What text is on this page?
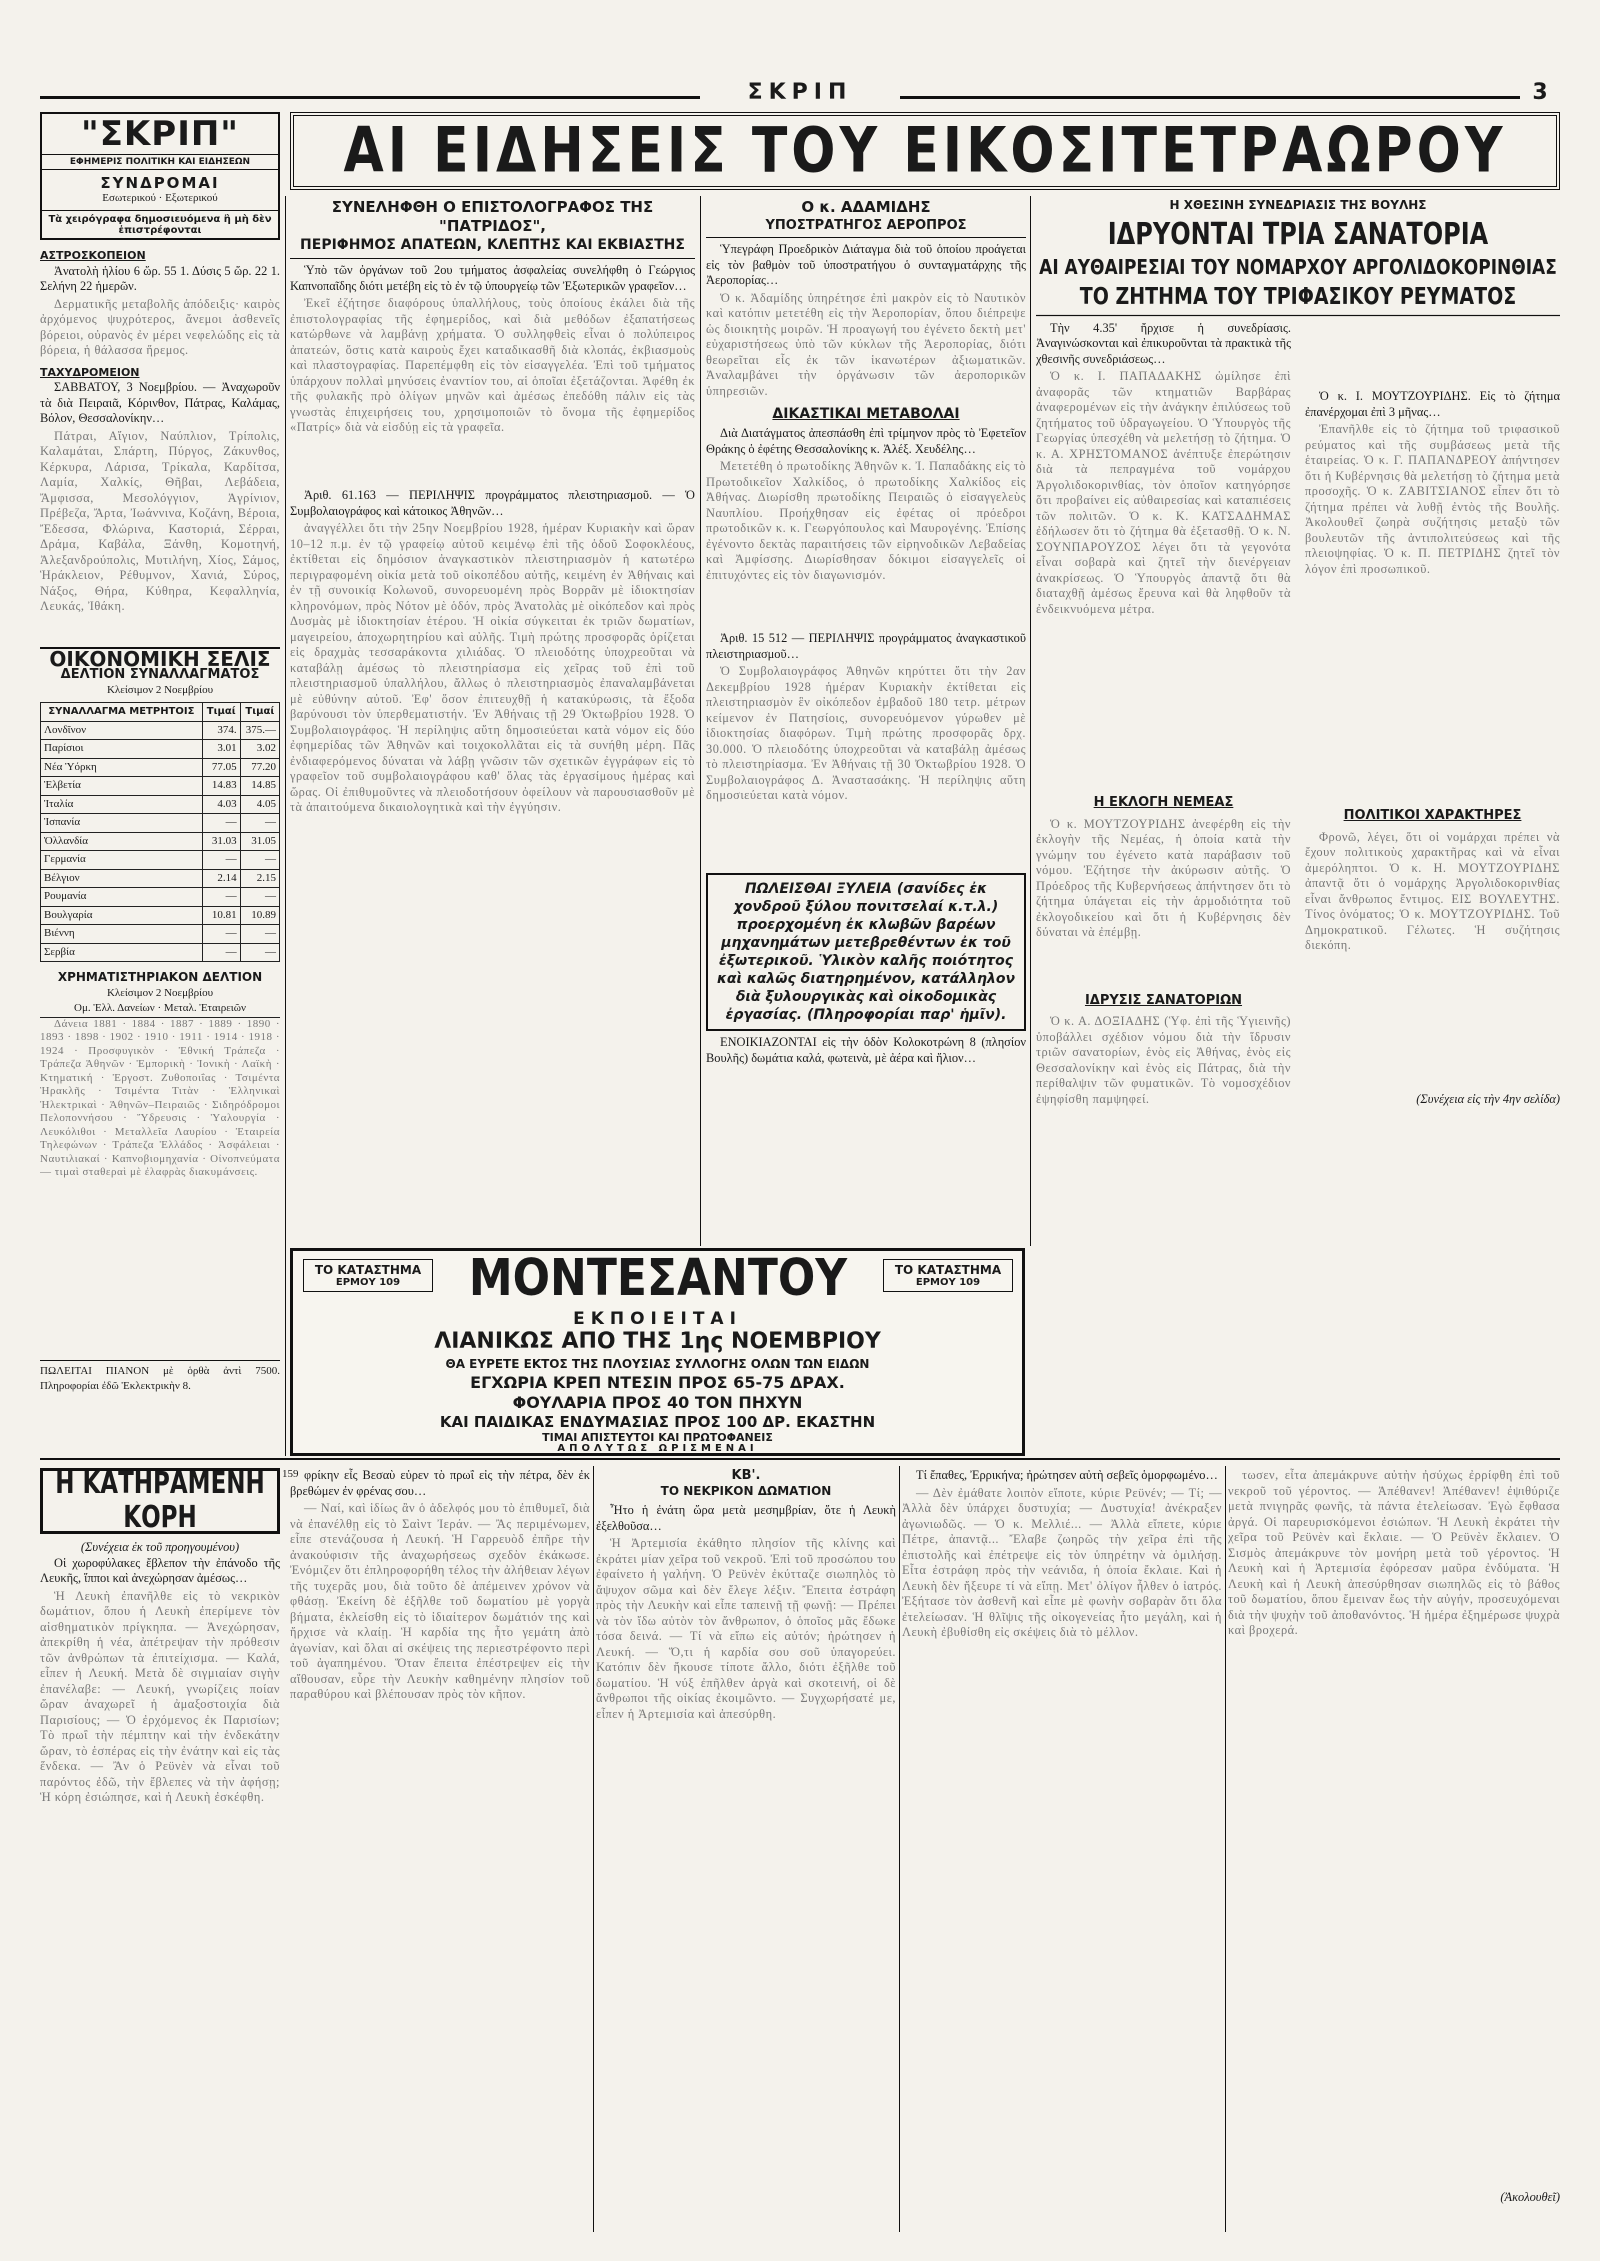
ΣΚΡΙΠ	3
"ΣΚΡΙΠ"
ΕΦΗΜΕΡΙΣ ΠΟΛΙΤΙΚΗ ΚΑΙ ΕΙΔΗΣΕΩΝ
ΣΥΝΔΡΟΜΑΙ
Εσωτερικού · Εξωτερικού
Τὰ χειρόγραφα δημοσιευόμενα ἢ μὴ δὲν ἐπιστρέφονται
ΑΙ ΕΙΔΗΣΕΙΣ ΤΟΥ ΕΙΚΟΣΙΤΕΤΡΑΩΡΟΥ
ΑΣΤΡΟΣΚΟΠΕΙΟΝ

Ἀνατολὴ ἡλίου 6 ὥρ. 55 1. Δύσις 5 ὥρ. 22 1. Σελήνη 22 ἡμερῶν.

Δερματικῆς μεταβολῆς ἀπόδειξις· καιρὸς ἀρχόμενος ψυχρότερος, ἄνεμοι ἀσθενεῖς βόρειοι, οὐρανὸς ἐν μέρει νεφελώδης εἰς τὰ βόρεια, ἡ θάλασσα ἥρεμος.

ΤΑΧΥΔΡΟΜΕΙΟΝ

ΣΑΒΒΑΤΟΥ, 3 Νοεμβρίου. — Ἀναχωροῦν τὰ διὰ Πειραιᾶ, Κόρινθον, Πάτρας, Καλάμας, Βόλον, Θεσσαλονίκην…

Πάτραι, Αἴγιον, Ναύπλιον, Τρίπολις, Καλαμάται, Σπάρτη, Πύργος, Ζάκυνθος, Κέρκυρα, Λάρισα, Τρίκαλα, Καρδίτσα, Λαμία, Χαλκίς, Θῆβαι, Λεβάδεια, Ἄμφισσα, Μεσολόγγιον, Ἀγρίνιον, Πρέβεζα, Ἄρτα, Ἰωάννινα, Κοζάνη, Βέροια, Ἔδεσσα, Φλώρινα, Καστοριά, Σέρραι, Δράμα, Καβάλα, Ξάνθη, Κομοτηνή, Ἀλεξανδρούπολις, Μυτιλήνη, Χίος, Σάμος, Ἡράκλειον, Ρέθυμνον, Χανιά, Σύρος, Νάξος, Θήρα, Κύθηρα, Κεφαλληνία, Λευκάς, Ἰθάκη.

ΟΙΚΟΝΟΜΙΚΗ ΣΕΛΙΣ
ΔΕΛΤΙΟΝ ΣΥΝΑΛΛΑΓΜΑΤΟΣ
Κλείσιμον 2 Νοεμβρίου
ΣΥΝΑΛΛΑΓΜΑ ΜΕΤΡΗΤΟΙΣ	Τιμαί	Τιμαί
Λονδῖνον	374.	375.—
Παρίσιοι	3.01	3.02
Νέα Ὑόρκη	77.05	77.20
Ἑλβετία	14.83	14.85
Ἰταλία	4.03	4.05
Ἰσπανία	—	—
Ὁλλανδία	31.03	31.05
Γερμανία	—	—
Βέλγιον	2.14	2.15
Ρουμανία	—	—
Βουλγαρία	10.81	10.89
Βιέννη	—	—
Σερβία	—	—
ΧΡΗΜΑΤΙΣΤΗΡΙΑΚΟΝ ΔΕΛΤΙΟΝ
Κλείσιμον 2 Νοεμβρίου
Ομ. Ἐλλ. Δανείων · Μεταλ. Ἑταιρειῶν

Δάνεια 1881 · 1884 · 1887 · 1889 · 1890 · 1893 · 1898 · 1902 · 1910 · 1911 · 1914 · 1918 · 1924 · Προσφυγικὸν · Ἐθνική Τράπεζα · Τράπεζα Ἀθηνῶν · Ἐμπορικὴ · Ἰονικὴ · Λαϊκὴ · Κτηματική · Ἐργοστ. Ζυθοποιΐας · Τσιμέντα Ἡρακλῆς · Τσιμέντα Τιτὰν · Ἑλληνικαὶ Ἠλεκτρικαὶ · Ἀθηνῶν–Πειραιῶς · Σιδηρόδρομοι Πελοποννήσου · Ὕδρευσις · Ὑαλουργία · Λευκόλιθοι · Μεταλλεῖα Λαυρίου · Ἐταιρεία Τηλεφώνων · Τράπεζα Ἑλλάδος · Ἀσφάλειαι · Ναυτιλιακαί · Καπνοβιομηχανία · Οἰνοπνεύματα — τιμαὶ σταθεραὶ μὲ ἐλαφρὰς διακυμάνσεις.

ΠΩΛΕΙΤΑΙ ΠΙΑΝΟΝ μὲ ὁρθὰ ἀντὶ 7500. Πληροφορίαι ἐδῶ Ἐκλεκτρικὴν 8.
ΣΥΝΕΛΗΦΘΗ Ο ΕΠΙΣΤΟΛΟΓΡΑΦΟΣ ΤΗΣ "ΠΑΤΡΙΔΟΣ",
ΠΕΡΙΦΗΜΟΣ ΑΠΑΤΕΩΝ, ΚΛΕΠΤΗΣ ΚΑΙ ΕΚΒΙΑΣΤΗΣ

Ὑπὸ τῶν ὀργάνων τοῦ 2ου τμήματος ἀσφαλείας συνελήφθη ὁ Γεώργιος Καπνοπαῖδης διότι μετέβη εἰς τὸ ἐν τῷ ὑπουργείῳ τῶν Ἐξωτερικῶν γραφεῖον…

Ἐκεῖ ἐζήτησε διαφόρους ὑπαλλήλους, τοὺς ὁποίους ἐκάλει διὰ τῆς ἐπιστολογραφίας τῆς ἐφημερίδος, καὶ διὰ μεθόδων ἐξαπατήσεως κατώρθωνε νὰ λαμβάνῃ χρήματα. Ὁ συλληφθεὶς εἶναι ὁ πολύπειρος ἀπατεών, ὅστις κατὰ καιροὺς ἔχει καταδικασθῆ διὰ κλοπάς, ἐκβιασμοὺς καὶ πλαστογραφίας. Παρεπέμφθη εἰς τὸν εἰσαγγελέα. Ἐπὶ τοῦ τμήματος ὑπάρχουν πολλαὶ μηνύσεις ἐναντίον του, αἱ ὁποῖαι ἐξετάζονται. Ἀφέθη ἐκ τῆς φυλακῆς πρὸ ὀλίγων μηνῶν καὶ ἀμέσως ἐπεδόθη πάλιν εἰς τὰς γνωστὰς ἐπιχειρήσεις του, χρησιμοποιῶν τὸ ὄνομα τῆς ἐφημερίδος «Πατρίς» διὰ νὰ εἰσδύῃ εἰς τὰ γραφεῖα.

Ἀριθ. 61.163 — ΠΕΡΙΛΗΨΙΣ προγράμματος πλειστηριασμοῦ. — Ὁ Συμβολαιογράφος καὶ κάτοικος Ἀθηνῶν…

ἀναγγέλλει ὅτι τὴν 25ην Νοεμβρίου 1928, ἡμέραν Κυριακὴν καὶ ὥραν 10–12 π.μ. ἐν τῷ γραφείῳ αὐτοῦ κειμένῳ ἐπὶ τῆς ὁδοῦ Σοφοκλέους, ἐκτίθεται εἰς δημόσιον ἀναγκαστικὸν πλειστηριασμὸν ἡ κατωτέρω περιγραφομένη οἰκία μετὰ τοῦ οἰκοπέδου αὐτῆς, κειμένη ἐν Ἀθήναις καὶ ἐν τῇ συνοικίᾳ Κολωνοῦ, συνορευομένη πρὸς Βορρᾶν μὲ ἰδιοκτησίαν κληρονόμων, πρὸς Νότον μὲ ὁδόν, πρὸς Ἀνατολὰς μὲ οἰκόπεδον καὶ πρὸς Δυσμὰς μὲ ἰδιοκτησίαν ἑτέρου. Ἡ οἰκία σύγκειται ἐκ τριῶν δωματίων, μαγειρείου, ἀποχωρητηρίου καὶ αὐλῆς. Τιμὴ πρώτης προσφορᾶς ὁρίζεται εἰς δραχμὰς τεσσαράκοντα χιλιάδας. Ὁ πλειοδότης ὑποχρεοῦται νὰ καταβάλῃ ἀμέσως τὸ πλειστηρίασμα εἰς χεῖρας τοῦ ἐπὶ τοῦ πλειστηριασμοῦ ὑπαλλήλου, ἄλλως ὁ πλειστηριασμὸς ἐπαναλαμβάνεται μὲ εὐθύνην αὐτοῦ. Ἐφ' ὅσον ἐπιτευχθῇ ἡ κατακύρωσις, τὰ ἔξοδα βαρύνουσι τὸν ὑπερθεματιστήν. Ἐν Ἀθήναις τῇ 29 Ὀκτωβρίου 1928. Ὁ Συμβολαιογράφος. Ἡ περίληψις αὕτη δημοσιεύεται κατὰ νόμον εἰς δύο ἐφημερίδας τῶν Ἀθηνῶν καὶ τοιχοκολλᾶται εἰς τὰ συνήθη μέρη. Πᾶς ἐνδιαφερόμενος δύναται νὰ λάβῃ γνῶσιν τῶν σχετικῶν ἐγγράφων εἰς τὸ γραφεῖον τοῦ συμβολαιογράφου καθ' ὅλας τὰς ἐργασίμους ἡμέρας καὶ ὥρας. Οἱ ἐπιθυμοῦντες νὰ πλειοδοτήσουν ὀφείλουν νὰ παρουσιασθοῦν μὲ τὰ ἀπαιτούμενα δικαιολογητικὰ καὶ τὴν ἐγγύησιν.

Ο κ. ΑΔΑΜΙΔΗΣ
ΥΠΟΣΤΡΑΤΗΓΟΣ ΑΕΡΟΠΡΟΣ

Ὑπεγράφη Προεδρικὸν Διάταγμα διὰ τοῦ ὁποίου προάγεται εἰς τὸν βαθμὸν τοῦ ὑποστρατήγου ὁ συνταγματάρχης τῆς Ἀεροπορίας…

Ὁ κ. Ἀδαμίδης ὑπηρέτησε ἐπὶ μακρὸν εἰς τὸ Ναυτικὸν καὶ κατόπιν μετετέθη εἰς τὴν Ἀεροπορίαν, ὅπου διέπρεψε ὡς διοικητὴς μοιρῶν. Ἡ προαγωγή του ἐγένετο δεκτὴ μετ' εὐχαριστήσεως ὑπὸ τῶν κύκλων τῆς Ἀεροπορίας, διότι θεωρεῖται εἷς ἐκ τῶν ἱκανωτέρων ἀξιωματικῶν. Ἀναλαμβάνει τὴν ὀργάνωσιν τῶν ἀεροπορικῶν ὑπηρεσιῶν.

ΔΙΚΑΣΤΙΚΑΙ ΜΕΤΑΒΟΛΑΙ

Διὰ Διατάγματος ἀπεσπάσθη ἐπὶ τρίμηνον πρὸς τὸ Ἐφετεῖον Θράκης ὁ ἐφέτης Θεσσαλονίκης κ. Ἀλέξ. Χευδέλης…

Μετετέθη ὁ πρωτοδίκης Ἀθηνῶν κ. Ἰ. Παπαδάκης εἰς τὸ Πρωτοδικεῖον Χαλκίδος, ὁ πρωτοδίκης Χαλκίδος εἰς Ἀθήνας. Διωρίσθη πρωτοδίκης Πειραιῶς ὁ εἰσαγγελεὺς Ναυπλίου. Προήχθησαν εἰς ἐφέτας οἱ πρόεδροι πρωτοδικῶν κ. κ. Γεωργόπουλος καὶ Μαυρογένης. Ἐπίσης ἐγένοντο δεκτὰς παραιτήσεις τῶν εἰρηνοδικῶν Λεβαδείας καὶ Ἀμφίσσης. Διωρίσθησαν δόκιμοι εἰσαγγελεῖς οἱ ἐπιτυχόντες εἰς τὸν διαγωνισμόν.

Ἀριθ. 15 512 — ΠΕΡΙΛΗΨΙΣ προγράμματος ἀναγκαστικοῦ πλειστηριασμοῦ…

Ὁ Συμβολαιογράφος Ἀθηνῶν κηρύττει ὅτι τὴν 2αν Δεκεμβρίου 1928 ἡμέραν Κυριακὴν ἐκτίθεται εἰς πλειστηριασμὸν ἓν οἰκόπεδον ἐμβαδοῦ 180 τετρ. μέτρων κείμενον ἐν Πατησίοις, συνορευόμενον γύρωθεν μὲ ἰδιοκτησίας διαφόρων. Τιμὴ πρώτης προσφορᾶς δρχ. 30.000. Ὁ πλειοδότης ὑποχρεοῦται νὰ καταβάλῃ ἀμέσως τὸ πλειστηρίασμα. Ἐν Ἀθήναις τῇ 30 Ὀκτωβρίου 1928. Ὁ Συμβολαιογράφος Δ. Ἀναστασάκης. Ἡ περίληψις αὕτη δημοσιεύεται κατὰ νόμον.

ΠΩΛΕΙΣΘΑΙ ΞΥΛΕΙΑ (σανίδες ἐκ χονδροῦ ξύλου πονιτσελαί κ.τ.λ.) προερχομένη ἐκ κλωβῶν βαρέων μηχανημάτων μετεβρεθέντων ἐκ τοῦ ἐξωτερικοῦ. Ὑλικὸν καλῆς ποιότητος καὶ καλῶς διατηρημένον, κατάλληλον διὰ ξυλουργικὰς καὶ οἰκοδομικὰς ἐργασίας. (Πληροφορίαι παρ' ἡμῖν).

ΕΝΟΙΚΙΑΖΟΝΤΑΙ εἰς τὴν ὁδὸν Κολοκοτρώνη 8 (πλησίον Βουλῆς) δωμάτια καλά, φωτεινὰ, μὲ ἀέρα καὶ ἥλιον…

Η ΧΘΕΣΙΝΗ ΣΥΝΕΔΡΙΑΣΙΣ ΤΗΣ ΒΟΥΛΗΣ
ΙΔΡΥΟΝΤΑΙ ΤΡΙΑ ΣΑΝΑΤΟΡΙΑ
ΑΙ ΑΥΘΑΙΡΕΣΙΑΙ ΤΟΥ ΝΟΜΑΡΧΟΥ ΑΡΓΟΛΙΔΟΚΟΡΙΝΘΙΑΣ
ΤΟ ΖΗΤΗΜΑ ΤΟΥ ΤΡΙΦΑΣΙΚΟΥ ΡΕΥΜΑΤΟΣ

Τὴν 4.35' ἤρχισε ἡ συνεδρίασις. Ἀναγινώσκονται καὶ ἐπικυροῦνται τὰ πρακτικὰ τῆς χθεσινῆς συνεδριάσεως…

Ὁ κ. Ι. ΠΑΠΑΔΑΚΗΣ ὡμίλησε ἐπὶ ἀναφορᾶς τῶν κτηματιῶν Βαρβάρας ἀναφερομένων εἰς τὴν ἀνάγκην ἐπιλύσεως τοῦ ζητήματος τοῦ ὑδραγωγείου. Ὁ Ὑπουργὸς τῆς Γεωργίας ὑπεσχέθη νὰ μελετήσῃ τὸ ζήτημα. Ὁ κ. Α. ΧΡΗΣΤΟΜΑΝΟΣ ἀνέπτυξε ἐπερώτησιν διὰ τὰ πεπραγμένα τοῦ νομάρχου Ἀργολιδοκορινθίας, τὸν ὁποῖον κατηγόρησε ὅτι προβαίνει εἰς αὐθαιρεσίας καὶ καταπιέσεις τῶν πολιτῶν. Ὁ κ. Κ. ΚΑΤΣΑΔΗΜΑΣ ἐδήλωσεν ὅτι τὸ ζήτημα θὰ ἐξετασθῇ. Ὁ κ. Ν. ΣΟΥΝΠΑΡΟΥΖΟΣ λέγει ὅτι τὰ γεγονότα εἶναι σοβαρὰ καὶ ζητεῖ τὴν διενέργειαν ἀνακρίσεως. Ὁ Ὑπουργὸς ἀπαντᾷ ὅτι θὰ διαταχθῇ ἀμέσως ἔρευνα καὶ θὰ ληφθοῦν τὰ ἐνδεικνυόμενα μέτρα.

Η ΕΚΛΟΓΗ ΝΕΜΕΑΣ

Ὁ κ. ΜΟΥΤΖΟΥΡΙΔΗΣ ἀνεφέρθη εἰς τὴν ἐκλογὴν τῆς Νεμέας, ἡ ὁποία κατὰ τὴν γνώμην του ἐγένετο κατὰ παράβασιν τοῦ νόμου. Ἐζήτησε τὴν ἀκύρωσιν αὐτῆς. Ὁ Πρόεδρος τῆς Κυβερνήσεως ἀπήντησεν ὅτι τὸ ζήτημα ὑπάγεται εἰς τὴν ἁρμοδιότητα τοῦ ἐκλογοδικείου καὶ ὅτι ἡ Κυβέρνησις δὲν δύναται νὰ ἐπέμβῃ.

ΙΔΡΥΣΙΣ ΣΑΝΑΤΟΡΙΩΝ

Ὁ κ. Α. ΔΟΞΙΑΔΗΣ (Ὑφ. ἐπὶ τῆς Ὑγιεινῆς) ὑποβάλλει σχέδιον νόμου διὰ τὴν ἵδρυσιν τριῶν σανατορίων, ἑνὸς εἰς Ἀθήνας, ἑνὸς εἰς Θεσσαλονίκην καὶ ἑνὸς εἰς Πάτρας, διὰ τὴν περίθαλψιν τῶν φυματικῶν. Τὸ νομοσχέδιον ἐψηφίσθη παμψηφεί.

Ὁ κ. Ι. ΜΟΥΤΖΟΥΡΙΔΗΣ. Εἰς τὸ ζήτημα ἐπανέρχομαι ἐπὶ 3 μῆνας…

Ἐπανῆλθε εἰς τὸ ζήτημα τοῦ τριφασικοῦ ρεύματος καὶ τῆς συμβάσεως μετὰ τῆς ἑταιρείας. Ὁ κ. Γ. ΠΑΠΑΝΔΡΕΟΥ ἀπήντησεν ὅτι ἡ Κυβέρνησις θὰ μελετήσῃ τὸ ζήτημα μετὰ προσοχῆς. Ὁ κ. ΖΑΒΙΤΣΙΑΝΟΣ εἶπεν ὅτι τὸ ζήτημα πρέπει νὰ λυθῇ ἐντὸς τῆς Βουλῆς. Ἀκολουθεῖ ζωηρὰ συζήτησις μεταξὺ τῶν βουλευτῶν τῆς ἀντιπολιτεύσεως καὶ τῆς πλειοψηφίας. Ὁ κ. Π. ΠΕΤΡΙΔΗΣ ζητεῖ τὸν λόγον ἐπὶ προσωπικοῦ.

ΠΟΛΙΤΙΚΟΙ ΧΑΡΑΚΤΗΡΕΣ

Φρονῶ, λέγει, ὅτι οἱ νομάρχαι πρέπει νὰ ἔχουν πολιτικοὺς χαρακτῆρας καὶ νὰ εἶναι ἀμερόληπτοι. Ὁ κ. Η. ΜΟΥΤΖΟΥΡΙΔΗΣ ἀπαντᾷ ὅτι ὁ νομάρχης Ἀργολιδοκορινθίας εἶναι ἄνθρωπος ἔντιμος. ΕΙΣ ΒΟΥΛΕΥΤΗΣ. Τίνος ὀνόματος; Ὁ κ. ΜΟΥΤΖΟΥΡΙΔΗΣ. Τοῦ Δημοκρατικοῦ. Γέλωτες. Ἡ συζήτησις διεκόπη.

(Συνέχεια εἰς τὴν 4ην σελίδα)
ΤΟ ΚΑΤΑΣΤΗΜΑ
ΕΡΜΟΥ 109	ΜΟΝΤΕΣΑΝΤΟΥ	ΤΟ ΚΑΤΑΣΤΗΜΑ
ΕΡΜΟΥ 109
ΕΚΠΟΙΕΙΤΑΙ
ΛΙΑΝΙΚΩΣ ΑΠΟ ΤΗΣ 1ης ΝΟΕΜΒΡΙΟΥ
ΘΑ ΕΥΡΕΤΕ ΕΚΤΟΣ ΤΗΣ ΠΛΟΥΣΙΑΣ ΣΥΛΛΟΓΗΣ ΟΛΩΝ ΤΩΝ ΕΙΔΩΝ
ΕΓΧΩΡΙΑ ΚΡΕΠ ΝΤΕΣΙΝ ΠΡΟΣ 65-75 ΔΡΑΧ.
ΦΟΥΛΑΡΙΑ ΠΡΟΣ 40 ΤΟΝ ΠΗΧΥΝ
ΚΑΙ ΠΑΙΔΙΚΑΣ ΕΝΔΥΜΑΣΙΑΣ ΠΡΟΣ 100 ΔΡ. ΕΚΑΣΤΗΝ
ΤΙΜΑΙ ΑΠΙΣΤΕΥΤΟΙ ΚΑΙ ΠΡΩΤΟΦΑΝΕΙΣ
ΑΠΟΛΥΤΩΣ ΩΡΙΣΜΕΝΑΙ
Η ΚΑΤΗΡΑΜΕΝΗ ΚΟΡΗ
159
(Συνέχεια ἐκ τοῦ προηγουμένου)

Οἱ χωροφύλακες ἔβλεπον τὴν ἐπάνοδο τῆς Λευκῆς, ἵπποι καὶ ἀνεχώρησαν ἀμέσως…

Ἡ Λευκὴ ἐπανῆλθε εἰς τὸ νεκρικὸν δωμάτιον, ὅπου ἡ Λευκὴ ἐπερίμενε τὸν αἰσθηματικὸν πρίγκηπα. — Ἀνεχώρησαν, ἀπεκρίθη ἡ νέα, ἀπέτρεψαν τὴν πρόθεσιν τῶν ἀνθρώπων τὰ ἐπιτείχισμα. — Καλά, εἶπεν ἡ Λευκή. Μετὰ δὲ σιγμιαίαν σιγὴν ἐπανέλαβε: — Λευκή, γνωρίζεις ποίαν ὥραν ἀναχωρεῖ ἡ ἀμαξοστοιχία διὰ Παρισίους; — Ὁ ἐρχόμενος ἐκ Παρισίων; Τὸ πρωΐ τὴν πέμπτην καὶ τὴν ἑνδεκάτην ὥραν, τὸ ἑσπέρας εἰς τὴν ἐνάτην καὶ εἰς τὰς ἕνδεκα. — Ἂν ὁ Ρεϋνὲν νὰ εἶναι τοῦ παρόντος ἐδῶ, τὴν ἔβλεπες νὰ τὴν ἀφήσῃ; Ἡ κόρη ἐσιώπησε, καὶ ἡ Λευκὴ ἐσκέφθη.

φρίκην εἶς Βεσαὺ εὑρεν τὸ πρωΐ εἰς τὴν πέτρα, δὲν ἐκ βρεθώμεν ἐν φρένας σου…

— Ναί, καὶ ἰδίως ἂν ὁ ἀδελφός μου τὸ ἐπιθυμεῖ, διὰ νὰ ἐπανέλθῃ εἰς τὸ Σαὶντ Ἰεράν. — Ἂς περιμένωμεν, εἶπε στενάζουσα ἡ Λευκή. Ἡ Γαρρευὸδ ἐπῆρε τὴν ἀνακούφισιν τῆς ἀναχωρήσεως σχεδὸν ἐκάκωσε. Ἐνόμιζεν ὅτι ἐπληροφορήθη τέλος τὴν ἀλήθειαν λέγων τῆς τυχερᾶς μου, διὰ τοῦτο δὲ ἀπέμεινεν χρόνον νὰ φθάσῃ. Ἐκείνη δὲ ἐξῆλθε τοῦ δωματίου μὲ γοργὰ βήματα, ἐκλείσθη εἰς τὸ ἰδιαίτερον δωμάτιόν της καὶ ἤρχισε νὰ κλαίῃ. Ἡ καρδία της ἦτο γεμάτη ἀπὸ ἀγωνίαν, καὶ ὅλαι αἱ σκέψεις της περιεστρέφοντο περὶ τοῦ ἀγαπημένου. Ὅταν ἔπειτα ἐπέστρεψεν εἰς τὴν αἴθουσαν, εὗρε τὴν Λευκὴν καθημένην πλησίον τοῦ παραθύρου καὶ βλέπουσαν πρὸς τὸν κῆπον.

ΚΒ'.
ΤΟ ΝΕΚΡΙΚΟΝ ΔΩΜΑΤΙΟΝ

Ἦτο ἡ ἐνάτη ὥρα μετὰ μεσημβρίαν, ὅτε ἡ Λευκὴ ἐξελθοῦσα…

Ἡ Ἀρτεμισία ἐκάθητο πλησίον τῆς κλίνης καὶ ἐκράτει μίαν χεῖρα τοῦ νεκροῦ. Ἐπὶ τοῦ προσώπου του ἐφαίνετο ἡ γαλήνη. Ὁ Ρεϋνὲν ἐκύτταζε σιωπηλὸς τὸ ἄψυχον σῶμα καὶ δὲν ἔλεγε λέξιν. Ἔπειτα ἐστράφη πρὸς τὴν Λευκὴν καὶ εἶπε ταπεινῇ τῇ φωνῇ: — Πρέπει νὰ τὸν ἴδω αὐτὸν τὸν ἄνθρωπον, ὁ ὁποῖος μᾶς ἔδωκε τόσα δεινά. — Τί νὰ εἴπω εἰς αὐτόν; ἠρώτησεν ἡ Λευκή. — Ὅ,τι ἡ καρδία σου σοῦ ὑπαγορεύει. Κατόπιν δὲν ἤκουσε τίποτε ἄλλο, διότι ἐξῆλθε τοῦ δωματίου. Ἡ νύξ ἐπῆλθεν ἀργὰ καὶ σκοτεινή, οἱ δὲ ἄνθρωποι τῆς οἰκίας ἐκοιμῶντο. — Συγχωρήσατέ με, εἶπεν ἡ Ἀρτεμισία καὶ ἀπεσύρθη.

Τί ἔπαθες, Ἐρρικήνα; ἠρώτησεν αὐτὴ σεβεῖς ὁμορφωμένο…

— Δὲν ἐμάθατε λοιπὸν εἴποτε, κύριε Ρεϋνέν; — Τί; — Ἀλλὰ δὲν ὑπάρχει δυστυχία; — Δυστυχία! ἀνέκραξεν ἀγωνιωδῶς. — Ὁ κ. Μελλιέ... — Ἀλλὰ εἴπετε, κύριε Πέτρε, ἀπαντᾷ... Ἔλαβε ζωηρῶς τὴν χεῖρα ἐπὶ τῆς ἐπιστολῆς καὶ ἐπέτρεψε εἰς τὸν ὑπηρέτην νὰ ὁμιλήσῃ. Εἶτα ἐστράφη πρὸς τὴν νεάνιδα, ἡ ὁποία ἔκλαιε. Καὶ ἡ Λευκὴ δὲν ἤξευρε τί νὰ εἴπῃ. Μετ' ὀλίγον ἦλθεν ὁ ἰατρός. Ἐξήτασε τὸν ἀσθενῆ καὶ εἶπε μὲ φωνὴν σοβαρὰν ὅτι ὅλα ἐτελείωσαν. Ἡ θλῖψις τῆς οἰκογενείας ἦτο μεγάλη, καὶ ἡ Λευκὴ ἐβυθίσθη εἰς σκέψεις διὰ τὸ μέλλον.

τωσεν, εἶτα ἀπεμάκρυνε αὐτὴν ἠσύχως ἐρρίφθη ἐπὶ τοῦ νεκροῦ τοῦ γέροντος. — Ἀπέθανεν! Ἀπέθανεν! ἐψιθύριζε μετὰ πνιγηρᾶς φωνῆς, τὰ πάντα ἐτελείωσαν. Ἐγὼ ἔφθασα ἀργά. Οἱ παρευρισκόμενοι ἐσιώπων. Ἡ Λευκὴ ἐκράτει τὴν χεῖρα τοῦ Ρεϋνὲν καὶ ἔκλαιε. — Ὁ Ρεϋνὲν ἔκλαιεν. Ὁ Σισμὸς ἀπεμάκρυνε τὸν μονήρη μετὰ τοῦ γέροντος. Ἡ Λευκὴ καὶ ἡ Ἀρτεμισία ἐφόρεσαν μαῦρα ἐνδύματα. Ἡ Λευκὴ καὶ ἡ Λευκὴ ἀπεσύρθησαν σιωπηλῶς εἰς τὸ βάθος τοῦ δωματίου, ὅπου ἔμειναν ἕως τὴν αὐγήν, προσευχόμεναι διὰ τὴν ψυχὴν τοῦ ἀποθανόντος. Ἡ ἡμέρα ἐξημέρωσε ψυχρὰ καὶ βροχερά.

(Ἀκολουθεῖ)
